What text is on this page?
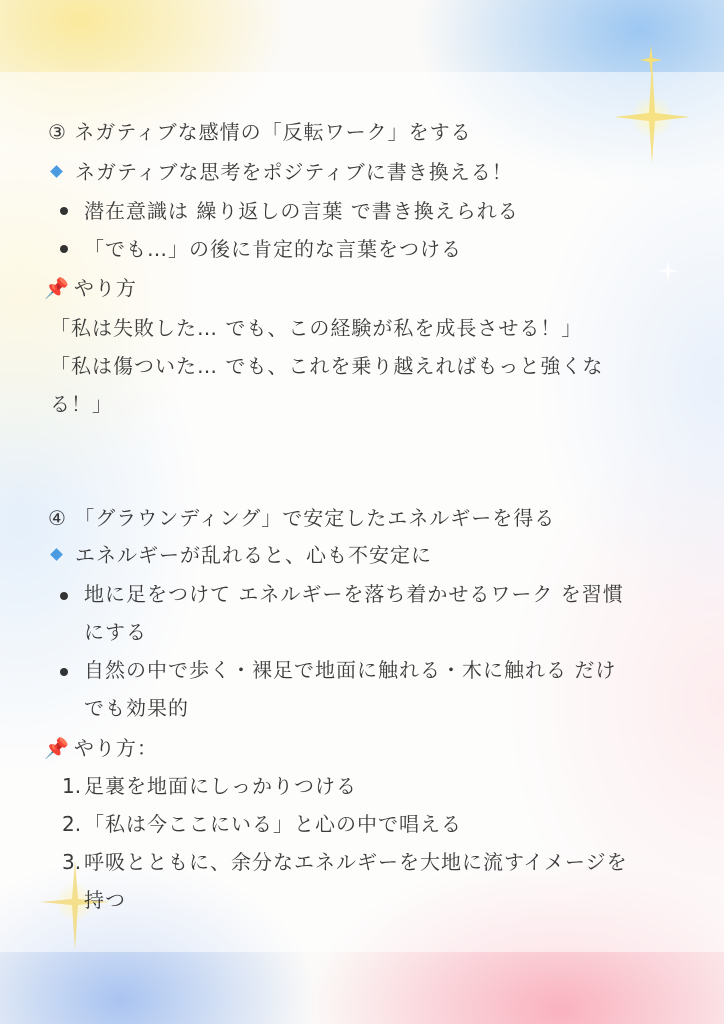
③ ネガティブな感情の「反転ワーク」をする
ネガティブな思考をポジティブに書き換える！
潜在意識は 繰り返しの言葉 で書き換えられる
「でも…」の後に肯定的な言葉をつける
📌 やり方
「私は失敗した… でも、この経験が私を成長させる！」
「私は傷ついた… でも、これを乗り越えればもっと強くな
る！」
④ 「グラウンディング」で安定したエネルギーを得る
エネルギーが乱れると、心も不安定に
地に足をつけて エネルギーを落ち着かせるワーク を習慣
にする
自然の中で歩く・裸足で地面に触れる・木に触れる だけ
でも効果的
📌 やり方：
1. 足裏を地面にしっかりつける
2. 「私は今ここにいる」と心の中で唱える
3. 呼吸とともに、余分なエネルギーを大地に流すイメージを
持つ
